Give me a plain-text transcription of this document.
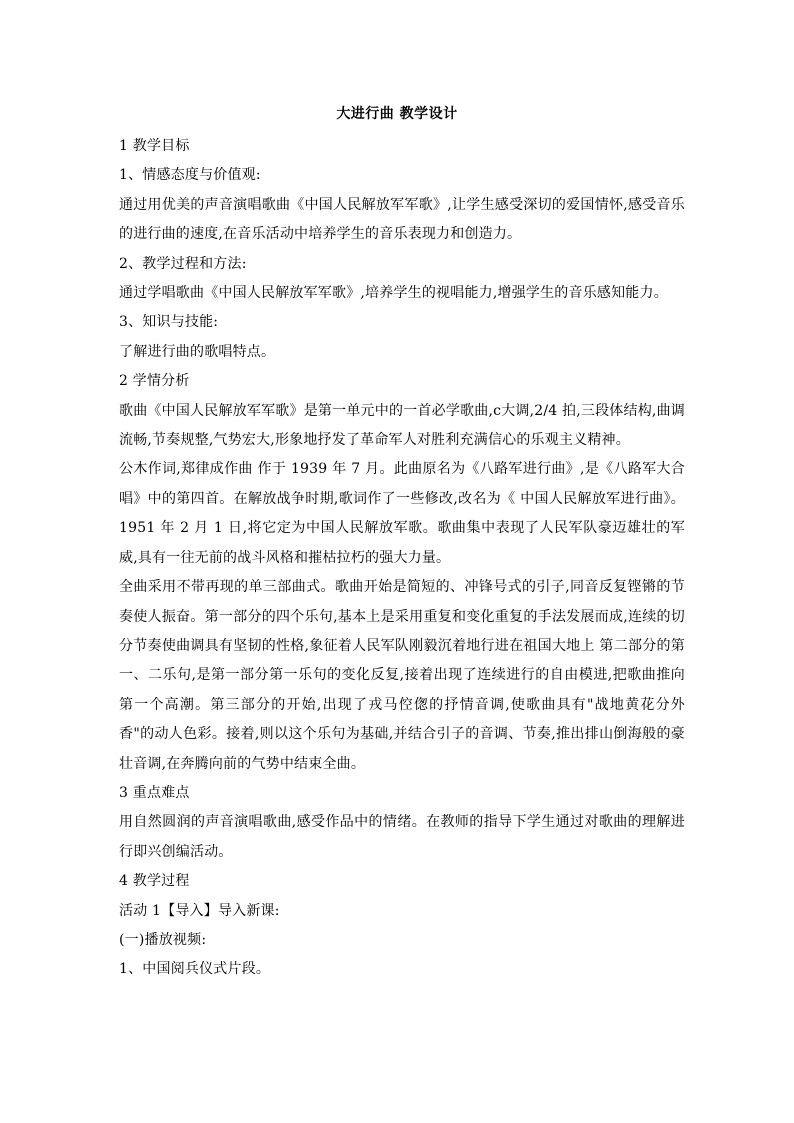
大进行曲 教学设计

1 教学目标

1、情感态度与价值观:

通过用优美的声音演唱歌曲《中国人民解放军军歌》,让学生感受深切的爱国情怀,感受音乐的进行曲的速度,在音乐活动中培养学生的音乐表现力和创造力。

2、教学过程和方法:

通过学唱歌曲《中国人民解放军军歌》,培养学生的视唱能力,增强学生的音乐感知能力。

3、知识与技能:

了解进行曲的歌唱特点。

2 学情分析

歌曲《中国人民解放军军歌》是第一单元中的一首必学歌曲,c大调,2/4 拍,三段体结构,曲调流畅,节奏规整,气势宏大,形象地抒发了革命军人对胜利充满信心的乐观主义精神。

公木作词,郑律成作曲 作于 1939 年 7 月。此曲原名为《八路军进行曲》,是《八路军大合唱》中的第四首。在解放战争时期,歌词作了一些修改,改名为《 中国人民解放军进行曲》。1951 年 2 月 1 日,将它定为中国人民解放军歌。歌曲集中表现了人民军队豪迈雄壮的军威,具有一往无前的战斗风格和摧枯拉朽的强大力量。

全曲采用不带再现的单三部曲式。歌曲开始是简短的、冲锋号式的引子,同音反复铿锵的节奏使人振奋。第一部分的四个乐句,基本上是采用重复和变化重复的手法发展而成,连续的切分节奏使曲调具有坚韧的性格,象征着人民军队刚毅沉着地行进在祖国大地上 第二部分的第一、二乐句,是第一部分第一乐句的变化反复,接着出现了连续进行的自由模进,把歌曲推向第一个高潮。第三部分的开始,出现了戎马倥偬的抒情音调,使歌曲具有"战地黄花分外 香"的动人色彩。接着,则以这个乐句为基础,并结合引子的音调、节奏,推出排山倒海般的豪壮音调,在奔腾向前的气势中结束全曲。

3 重点难点

用自然圆润的声音演唱歌曲,感受作品中的情绪。在教师的指导下学生通过对歌曲的理解进行即兴创编活动。

4 教学过程

活动 1【导入】导入新课:

(一)播放视频:

1、中国阅兵仪式片段。
